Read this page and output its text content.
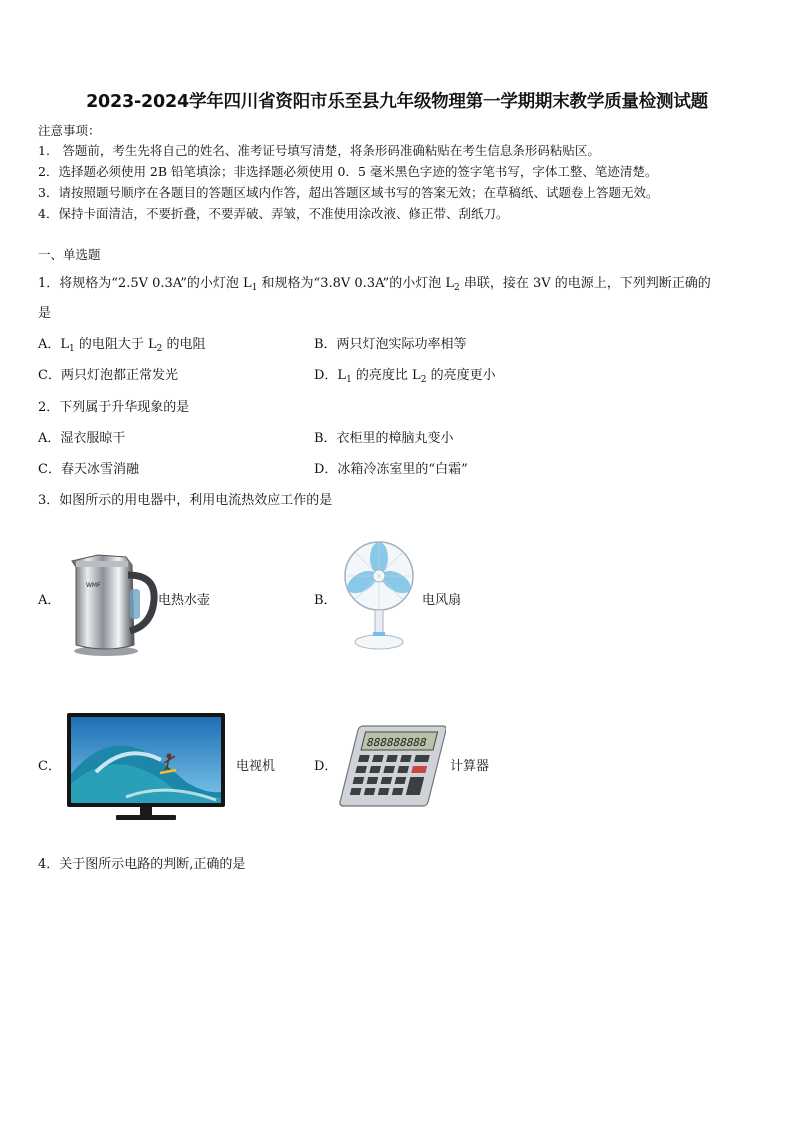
2023-2024学年四川省资阳市乐至县九年级物理第一学期期末教学质量检测试题
注意事项：
1.　答题前，考生先将自己的姓名、准考证号填写清楚，将条形码准确粘贴在考生信息条形码粘贴区。
2．选择题必须使用 2B 铅笔填涂；非选择题必须使用 0．5 毫米黑色字迹的签字笔书写，字体工整、笔迹清楚。
3．请按照题号顺序在各题目的答题区域内作答，超出答题区域书写的答案无效；在草稿纸、试题卷上答题无效。
4．保持卡面清洁，不要折叠，不要弄破、弄皱，不准使用涂改液、修正带、刮纸刀。
一、单选题
1．将规格为“2.5V 0.3A”的小灯泡 $L_1$ 和规格为“3.8V 0.3A”的小灯泡 $L_2$ 串联，接在 3V 的电源上，下列判断正确的
是
A．$L_1$ 的电阻大于 $L_2$ 的电阻	B．两只灯泡实际功率相等
C．两只灯泡都正常发光	D．$L_1$ 的亮度比 $L_2$ 的亮度更小
2．下列属于升华现象的是
A．湿衣服晾干	B．衣柜里的樟脑丸变小
C．春天冰雪消融	D．冰箱冷冻室里的“白霜”
3．如图所示的用电器中，利用电流热效应工作的是
A．
WMF
电热水壶	B．	电风扇
C．	电视机	D．
888888888
计算器
4．关于图所示电路的判断,正确的是
